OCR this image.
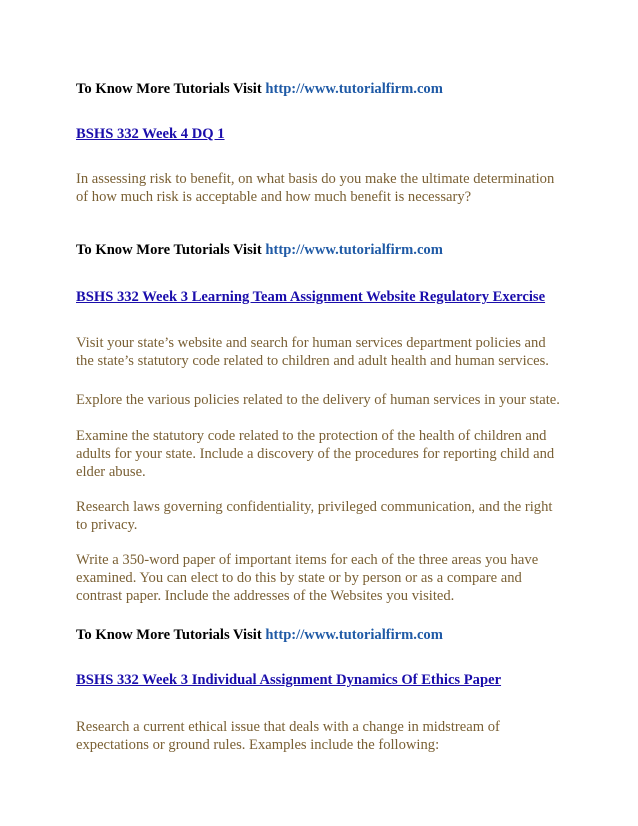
To Know More Tutorials Visit http://www.tutorialfirm.com

BSHS 332 Week 4 DQ 1

In assessing risk to benefit, on what basis do you make the ultimate determination
of how much risk is acceptable and how much benefit is necessary?

To Know More Tutorials Visit http://www.tutorialfirm.com

BSHS 332 Week 3 Learning Team Assignment Website Regulatory Exercise

Visit your state’s website and search for human services department policies and
the state’s statutory code related to children and adult health and human services.

Explore the various policies related to the delivery of human services in your state.

Examine the statutory code related to the protection of the health of children and
adults for your state. Include a discovery of the procedures for reporting child and
elder abuse.

Research laws governing confidentiality, privileged communication, and the right
to privacy.

Write a 350-word paper of important items for each of the three areas you have
examined. You can elect to do this by state or by person or as a compare and
contrast paper. Include the addresses of the Websites you visited.

To Know More Tutorials Visit http://www.tutorialfirm.com

BSHS 332 Week 3 Individual Assignment Dynamics Of Ethics Paper

Research a current ethical issue that deals with a change in midstream of
expectations or ground rules. Examples include the following:
